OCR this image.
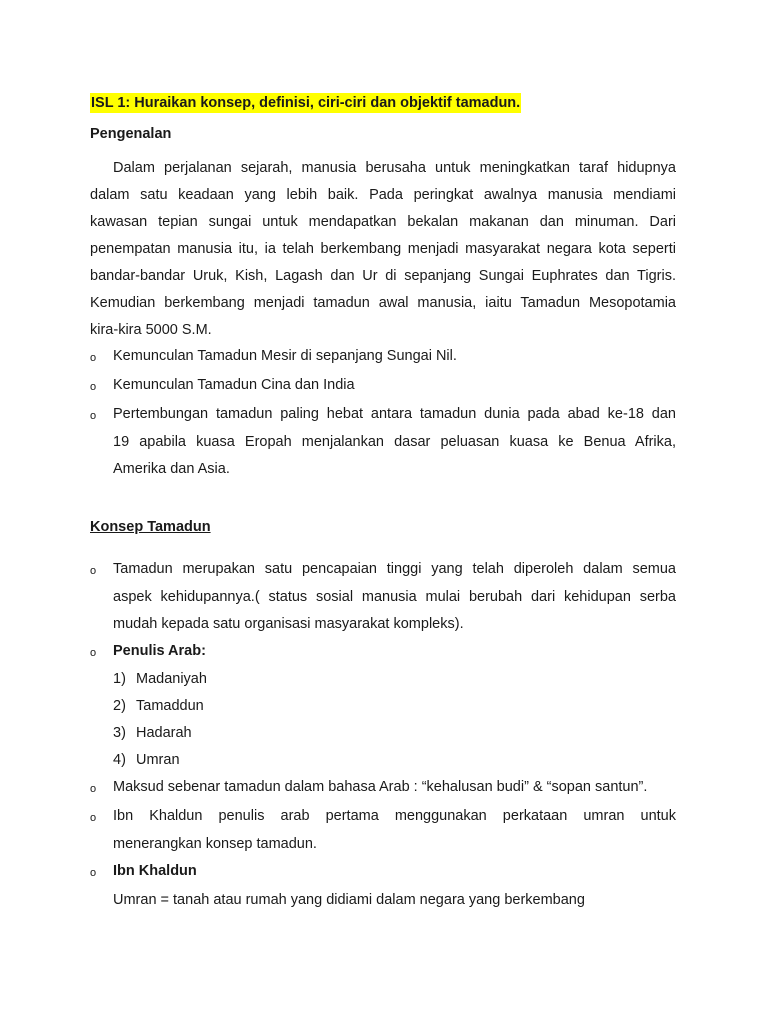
ISL 1: Huraikan konsep, definisi, ciri-ciri dan objektif tamadun.
Pengenalan
Dalam perjalanan sejarah, manusia berusaha untuk meningkatkan taraf hidupnya
dalam satu keadaan yang lebih baik. Pada peringkat awalnya manusia mendiami
kawasan tepian sungai untuk mendapatkan bekalan makanan dan minuman. Dari
penempatan manusia itu, ia telah berkembang menjadi masyarakat negara kota seperti
bandar-bandar Uruk, Kish, Lagash dan Ur di sepanjang Sungai Euphrates dan Tigris.
Kemudian berkembang menjadi tamadun awal manusia, iaitu Tamadun Mesopotamia
kira-kira 5000 S.M.
o Kemunculan Tamadun Mesir di sepanjang Sungai Nil.
o Kemunculan Tamadun Cina dan India
o Pertembungan tamadun paling hebat antara tamadun dunia pada abad ke-18 dan
19 apabila kuasa Eropah menjalankan dasar peluasan kuasa ke Benua Afrika,
Amerika dan Asia.
Konsep Tamadun
o Tamadun merupakan satu pencapaian tinggi yang telah diperoleh dalam semua
aspek kehidupannya.( status sosial manusia mulai berubah dari kehidupan serba
mudah kepada satu organisasi masyarakat kompleks).
o Penulis Arab:
1) Madaniyah
2) Tamaddun
3) Hadarah
4) Umran
o Maksud sebenar tamadun dalam bahasa Arab : “kehalusan budi” & “sopan santun”.
o Ibn Khaldun penulis arab pertama menggunakan perkataan umran untuk
menerangkan konsep tamadun.
o Ibn Khaldun
Umran = tanah atau rumah yang didiami dalam negara yang berkembang
